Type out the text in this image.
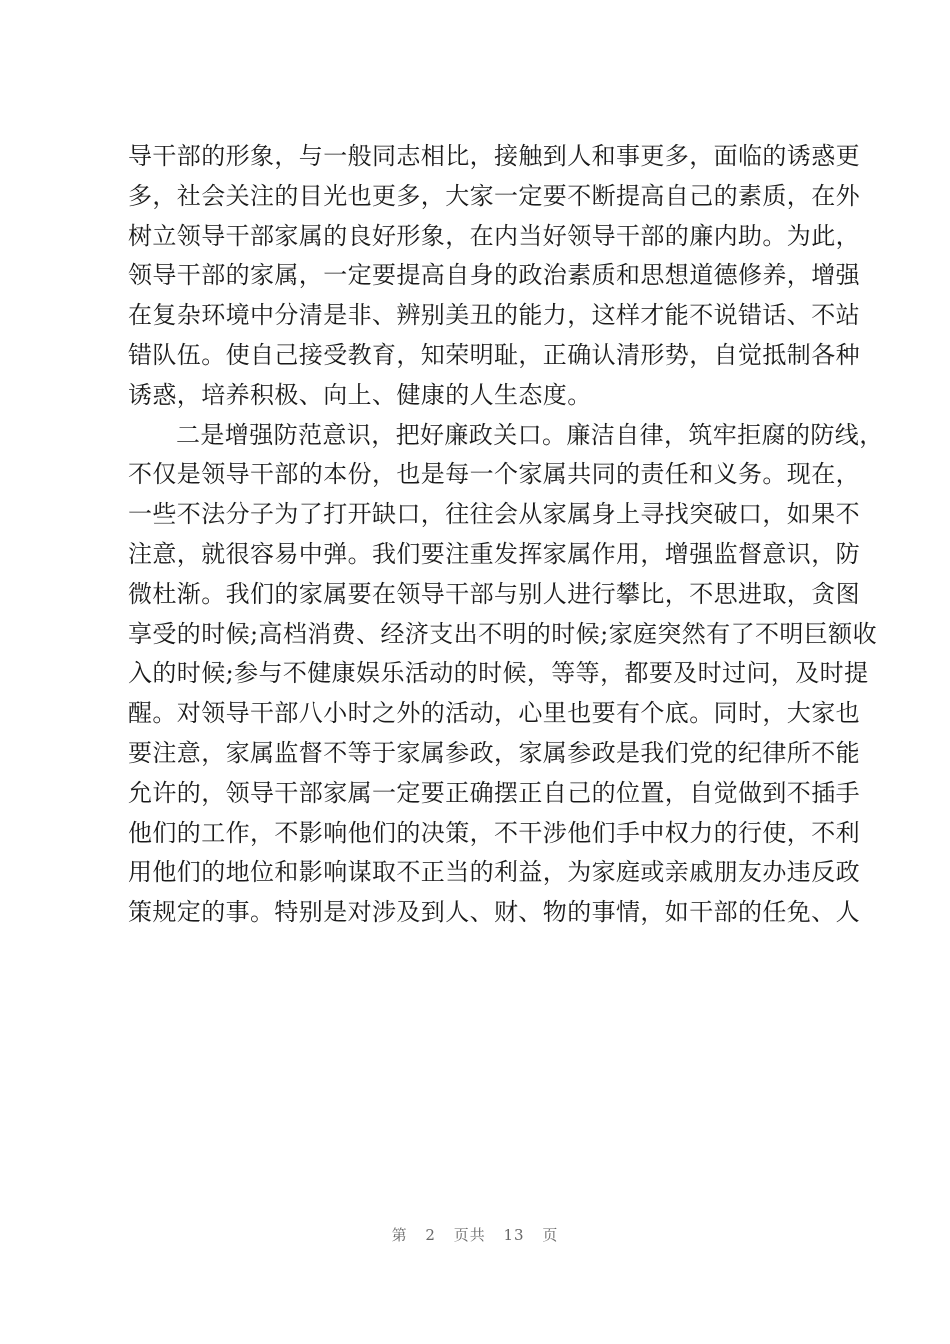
导干部的形象，与一般同志相比，接触到人和事更多，面临的诱惑更
多，社会关注的目光也更多，大家一定要不断提高自己的素质，在外
树立领导干部家属的良好形象，在内当好领导干部的廉内助。为此，
领导干部的家属，一定要提高自身的政治素质和思想道德修养，增强
在复杂环境中分清是非、辨别美丑的能力，这样才能不说错话、不站
错队伍。使自己接受教育，知荣明耻，正确认清形势，自觉抵制各种
诱惑，培养积极、向上、健康的人生态度。
二是增强防范意识，把好廉政关口。廉洁自律，筑牢拒腐的防线，
不仅是领导干部的本份，也是每一个家属共同的责任和义务。现在，
一些不法分子为了打开缺口，往往会从家属身上寻找突破口，如果不
注意，就很容易中弹。我们要注重发挥家属作用，增强监督意识，防
微杜渐。我们的家属要在领导干部与别人进行攀比，不思进取，贪图
享受的时候;高档消费、经济支出不明的时候;家庭突然有了不明巨额收
入的时候;参与不健康娱乐活动的时候，等等，都要及时过问，及时提
醒。对领导干部八小时之外的活动，心里也要有个底。同时，大家也
要注意，家属监督不等于家属参政，家属参政是我们党的纪律所不能
允许的，领导干部家属一定要正确摆正自己的位置，自觉做到不插手
他们的工作，不影响他们的决策，不干涉他们手中权力的行使，不利
用他们的地位和影响谋取不正当的利益，为家庭或亲戚朋友办违反政
策规定的事。特别是对涉及到人、财、物的事情，如干部的任免、人
第 2 页共 13 页
